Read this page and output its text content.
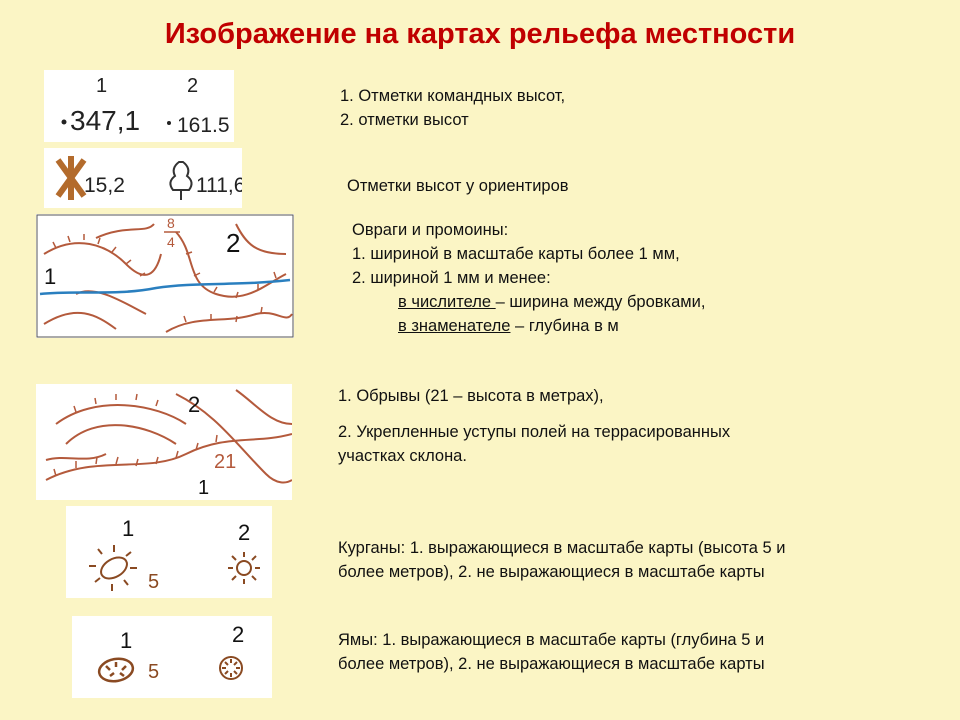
Изображение на картах рельефа местности
1	2
347,1 161.5
15,2	111,6
1
2
8
4
2
21
1
1	2
5
1	2
5
1. Отметки командных высот,
2. отметки высот
Отметки высот у ориентиров
Овраги и промоины:
1. шириной в масштабе карты более 1 мм,
2. шириной 1 мм и менее:
в числителе – ширина между бровками,
в знаменателе – глубина в м
1. Обрывы (21 – высота в метрах),
2. Укрепленные уступы полей на террасированных
участках склона.
Курганы: 1. выражающиеся в масштабе карты (высота 5 и
более метров), 2. не выражающиеся в масштабе карты
Ямы: 1. выражающиеся в масштабе карты (глубина 5 и
более метров), 2. не выражающиеся в масштабе карты
